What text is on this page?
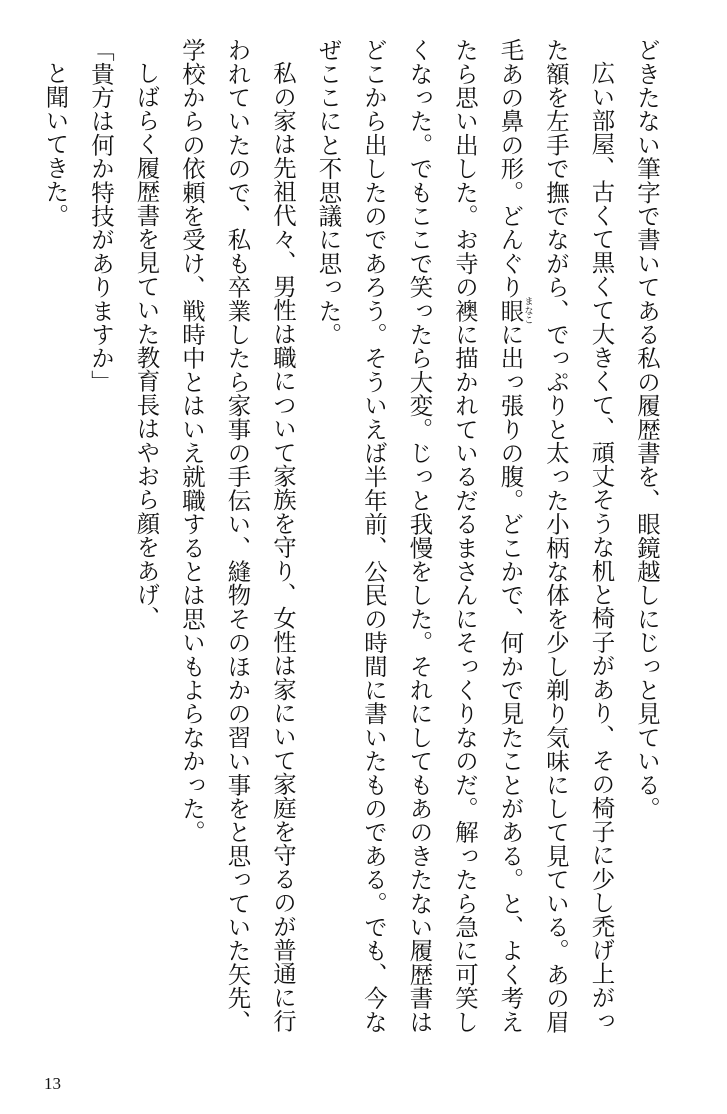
どきたない筆字で書いてある私の履歴書を、眼鏡越しにじっと見ている。

広い部屋、古くて黒くて大きくて、頑丈そうな机と椅子があり、その椅子に少し禿げ上がった額を左手で撫でながら、でっぷりと太った小柄な体を少し剃り気味にして見ている。あの眉毛あの鼻の形。どんぐり眼まなこに出っ張りの腹。どこかで、何かで見たことがある。と、よく考えたら思い出した。お寺の襖に描かれているだるまさんにそっくりなのだ。解ったら急に可笑しくなった。でもここで笑ったら大変。じっと我慢をした。それにしてもあのきたない履歴書はどこから出したのであろう。そういえば半年前、公民の時間に書いたものである。でも、今なぜここにと不思議に思った。

私の家は先祖代々、男性は職について家族を守り、女性は家にいて家庭を守るのが普通に行われていたので、私も卒業したら家事の手伝い、縫物そのほかの習い事をと思っていた矢先、学校からの依頼を受け、戦時中とはいえ就職するとは思いもよらなかった。

しばらく履歴書を見ていた教育長はやおら顔をあげ、

「貴方は何か特技がありますか」

と聞いてきた。

13
